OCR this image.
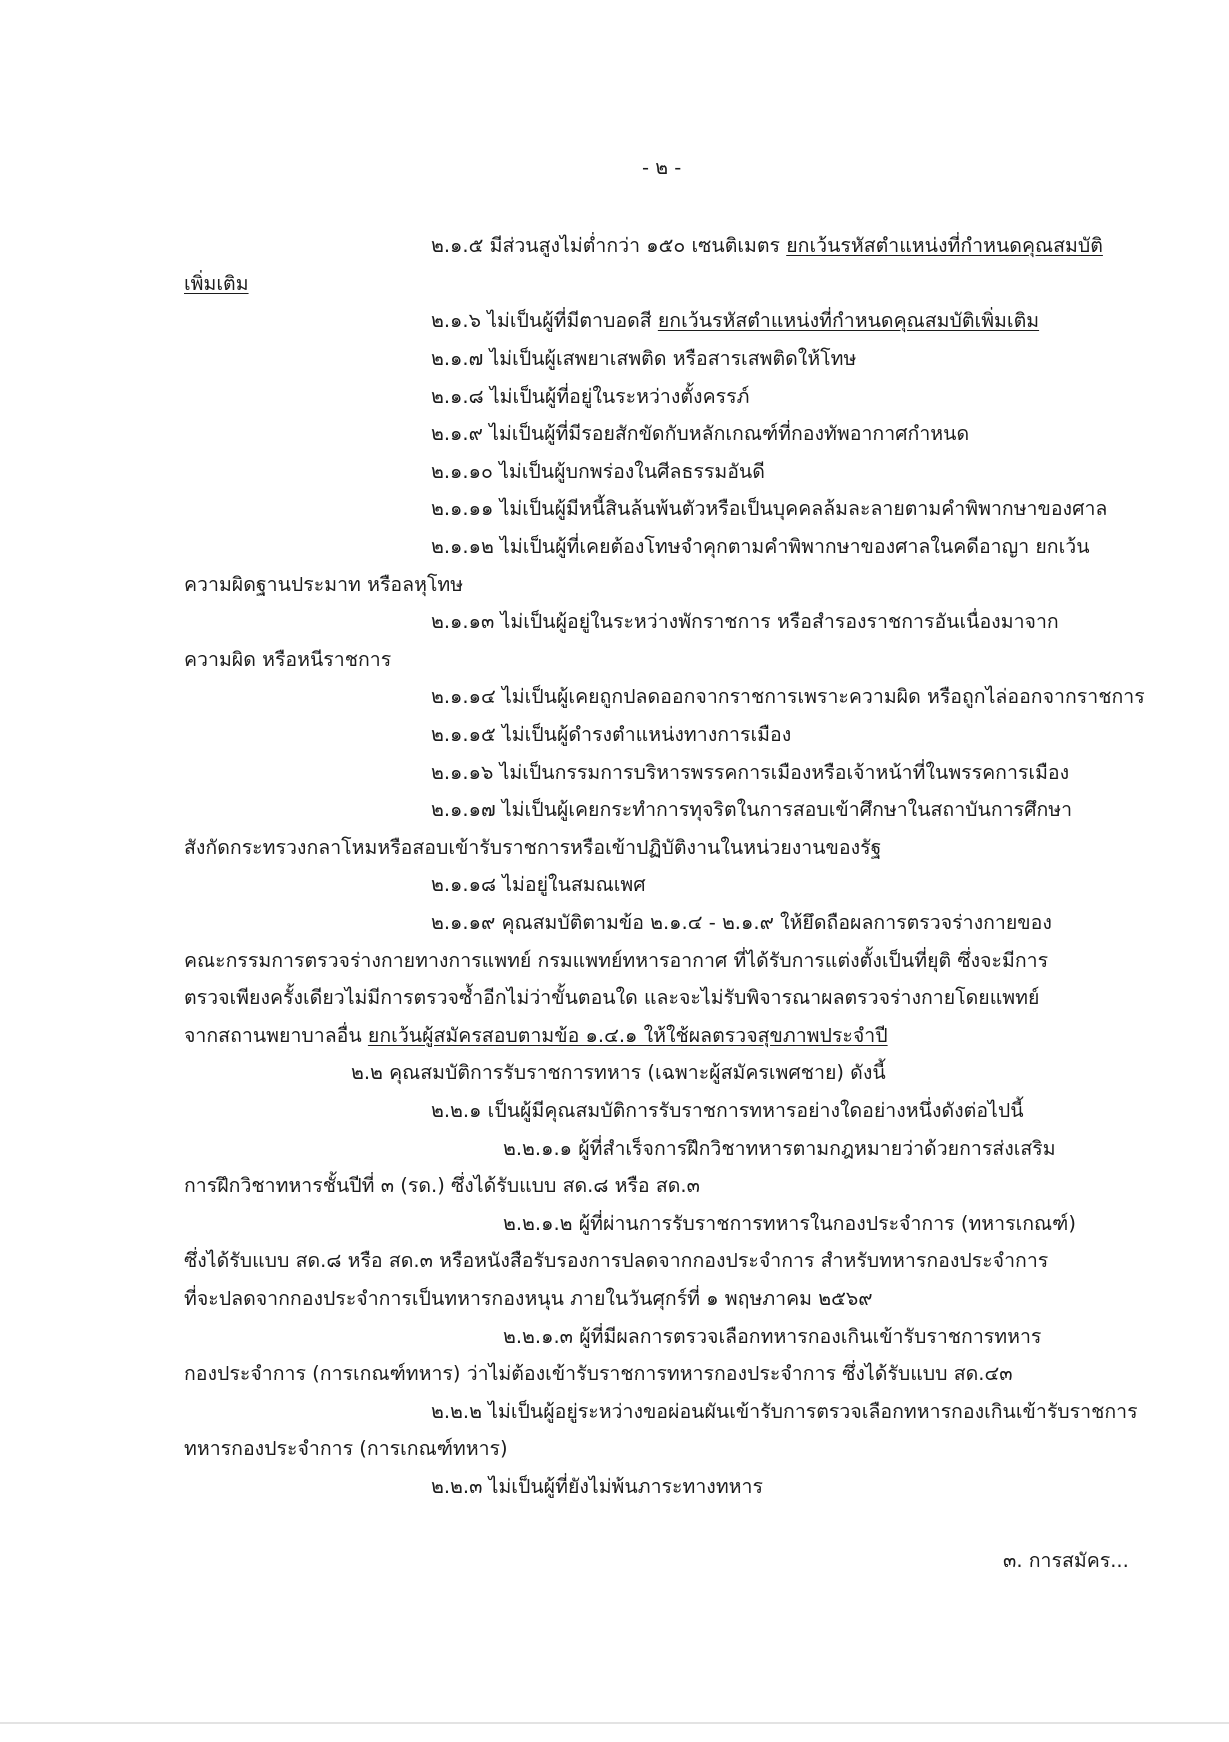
- ๒ -
๒.๑.๕ มีส่วนสูงไม่ต่ำกว่า ๑๕๐ เซนติเมตร ยกเว้นรหัสตำแหน่งที่กำหนดคุณสมบัติ
เพิ่มเติม
๒.๑.๖ ไม่เป็นผู้ที่มีตาบอดสี ยกเว้นรหัสตำแหน่งที่กำหนดคุณสมบัติเพิ่มเติม
๒.๑.๗ ไม่เป็นผู้เสพยาเสพติด หรือสารเสพติดให้โทษ
๒.๑.๘ ไม่เป็นผู้ที่อยู่ในระหว่างตั้งครรภ์
๒.๑.๙ ไม่เป็นผู้ที่มีรอยสักขัดกับหลักเกณฑ์ที่กองทัพอากาศกำหนด
๒.๑.๑๐ ไม่เป็นผู้บกพร่องในศีลธรรมอันดี
๒.๑.๑๑ ไม่เป็นผู้มีหนี้สินล้นพ้นตัวหรือเป็นบุคคลล้มละลายตามคำพิพากษาของศาล
๒.๑.๑๒ ไม่เป็นผู้ที่เคยต้องโทษจำคุกตามคำพิพากษาของศาลในคดีอาญา ยกเว้น
ความผิดฐานประมาท หรือลหุโทษ
๒.๑.๑๓ ไม่เป็นผู้อยู่ในระหว่างพักราชการ หรือสำรองราชการอันเนื่องมาจาก
ความผิด หรือหนีราชการ
๒.๑.๑๔ ไม่เป็นผู้เคยถูกปลดออกจากราชการเพราะความผิด หรือถูกไล่ออกจากราชการ
๒.๑.๑๕ ไม่เป็นผู้ดำรงตำแหน่งทางการเมือง
๒.๑.๑๖ ไม่เป็นกรรมการบริหารพรรคการเมืองหรือเจ้าหน้าที่ในพรรคการเมือง
๒.๑.๑๗ ไม่เป็นผู้เคยกระทำการทุจริตในการสอบเข้าศึกษาในสถาบันการศึกษา
สังกัดกระทรวงกลาโหมหรือสอบเข้ารับราชการหรือเข้าปฏิบัติงานในหน่วยงานของรัฐ
๒.๑.๑๘ ไม่อยู่ในสมณเพศ
๒.๑.๑๙ คุณสมบัติตามข้อ ๒.๑.๔ - ๒.๑.๙ ให้ยึดถือผลการตรวจร่างกายของ
คณะกรรมการตรวจร่างกายทางการแพทย์ กรมแพทย์ทหารอากาศ ที่ได้รับการแต่งตั้งเป็นที่ยุติ ซึ่งจะมีการ
ตรวจเพียงครั้งเดียวไม่มีการตรวจซ้ำอีกไม่ว่าขั้นตอนใด และจะไม่รับพิจารณาผลตรวจร่างกายโดยแพทย์
จากสถานพยาบาลอื่น ยกเว้นผู้สมัครสอบตามข้อ ๑.๔.๑ ให้ใช้ผลตรวจสุขภาพประจำปี
๒.๒ คุณสมบัติการรับราชการทหาร (เฉพาะผู้สมัครเพศชาย) ดังนี้
๒.๒.๑ เป็นผู้มีคุณสมบัติการรับราชการทหารอย่างใดอย่างหนึ่งดังต่อไปนี้
๒.๒.๑.๑ ผู้ที่สำเร็จการฝึกวิชาทหารตามกฎหมายว่าด้วยการส่งเสริม
การฝึกวิชาทหารชั้นปีที่ ๓ (รด.) ซึ่งได้รับแบบ สด.๘ หรือ สด.๓
๒.๒.๑.๒ ผู้ที่ผ่านการรับราชการทหารในกองประจำการ (ทหารเกณฑ์)
ซึ่งได้รับแบบ สด.๘ หรือ สด.๓ หรือหนังสือรับรองการปลดจากกองประจำการ สำหรับทหารกองประจำการ
ที่จะปลดจากกองประจำการเป็นทหารกองหนุน ภายในวันศุกร์ที่ ๑ พฤษภาคม ๒๕๖๙
๒.๒.๑.๓ ผู้ที่มีผลการตรวจเลือกทหารกองเกินเข้ารับราชการทหาร
กองประจำการ (การเกณฑ์ทหาร) ว่าไม่ต้องเข้ารับราชการทหารกองประจำการ ซึ่งได้รับแบบ สด.๔๓
๒.๒.๒ ไม่เป็นผู้อยู่ระหว่างขอผ่อนผันเข้ารับการตรวจเลือกทหารกองเกินเข้ารับราชการ
ทหารกองประจำการ (การเกณฑ์ทหาร)
๒.๒.๓ ไม่เป็นผู้ที่ยังไม่พ้นภาระทางทหาร
๓. การสมัคร...
